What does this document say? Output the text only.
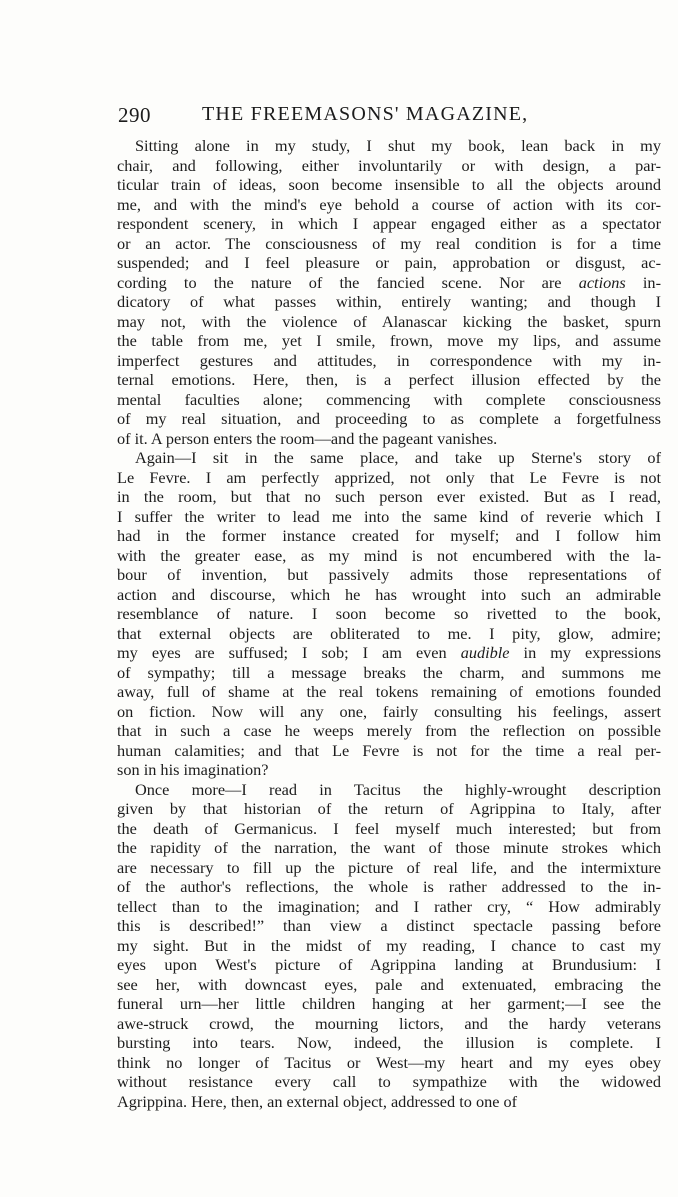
290	THE FREEMASONS' MAGAZINE,
Sitting alone in my study, I shut my book, lean back in my
chair, and following, either involuntarily or with design, a par-
ticular train of ideas, soon become insensible to all the objects around
me, and with the mind's eye behold a course of action with its cor-
respondent scenery, in which I appear engaged either as a spectator
or an actor. The consciousness of my real condition is for a time
suspended; and I feel pleasure or pain, approbation or disgust, ac-
cording to the nature of the fancied scene. Nor are actions in-
dicatory of what passes within, entirely wanting; and though I
may not, with the violence of Alanascar kicking the basket, spurn
the table from me, yet I smile, frown, move my lips, and assume
imperfect gestures and attitudes, in correspondence with my in-
ternal emotions. Here, then, is a perfect illusion effected by the
mental faculties alone; commencing with complete consciousness
of my real situation, and proceeding to as complete a forgetfulness
of it. A person enters the room—and the pageant vanishes.
Again—I sit in the same place, and take up Sterne's story of
Le Fevre. I am perfectly apprized, not only that Le Fevre is not
in the room, but that no such person ever existed. But as I read,
I suffer the writer to lead me into the same kind of reverie which I
had in the former instance created for myself; and I follow him
with the greater ease, as my mind is not encumbered with the la-
bour of invention, but passively admits those representations of
action and discourse, which he has wrought into such an admirable
resemblance of nature. I soon become so rivetted to the book,
that external objects are obliterated to me. I pity, glow, admire;
my eyes are suffused; I sob; I am even audible in my expressions
of sympathy; till a message breaks the charm, and summons me
away, full of shame at the real tokens remaining of emotions founded
on fiction. Now will any one, fairly consulting his feelings, assert
that in such a case he weeps merely from the reflection on possible
human calamities; and that Le Fevre is not for the time a real per-
son in his imagination?
Once more—I read in Tacitus the highly-wrought description
given by that historian of the return of Agrippina to Italy, after
the death of Germanicus. I feel myself much interested; but from
the rapidity of the narration, the want of those minute strokes which
are necessary to fill up the picture of real life, and the intermixture
of the author's reflections, the whole is rather addressed to the in-
tellect than to the imagination; and I rather cry, “ How admirably
this is described!” than view a distinct spectacle passing before
my sight. But in the midst of my reading, I chance to cast my
eyes upon West's picture of Agrippina landing at Brundusium: I
see her, with downcast eyes, pale and extenuated, embracing the
funeral urn—her little children hanging at her garment;—I see the
awe-struck crowd, the mourning lictors, and the hardy veterans
bursting into tears. Now, indeed, the illusion is complete. I
think no longer of Tacitus or West—my heart and my eyes obey
without resistance every call to sympathize with the widowed
Agrippina. Here, then, an external object, addressed to one of
